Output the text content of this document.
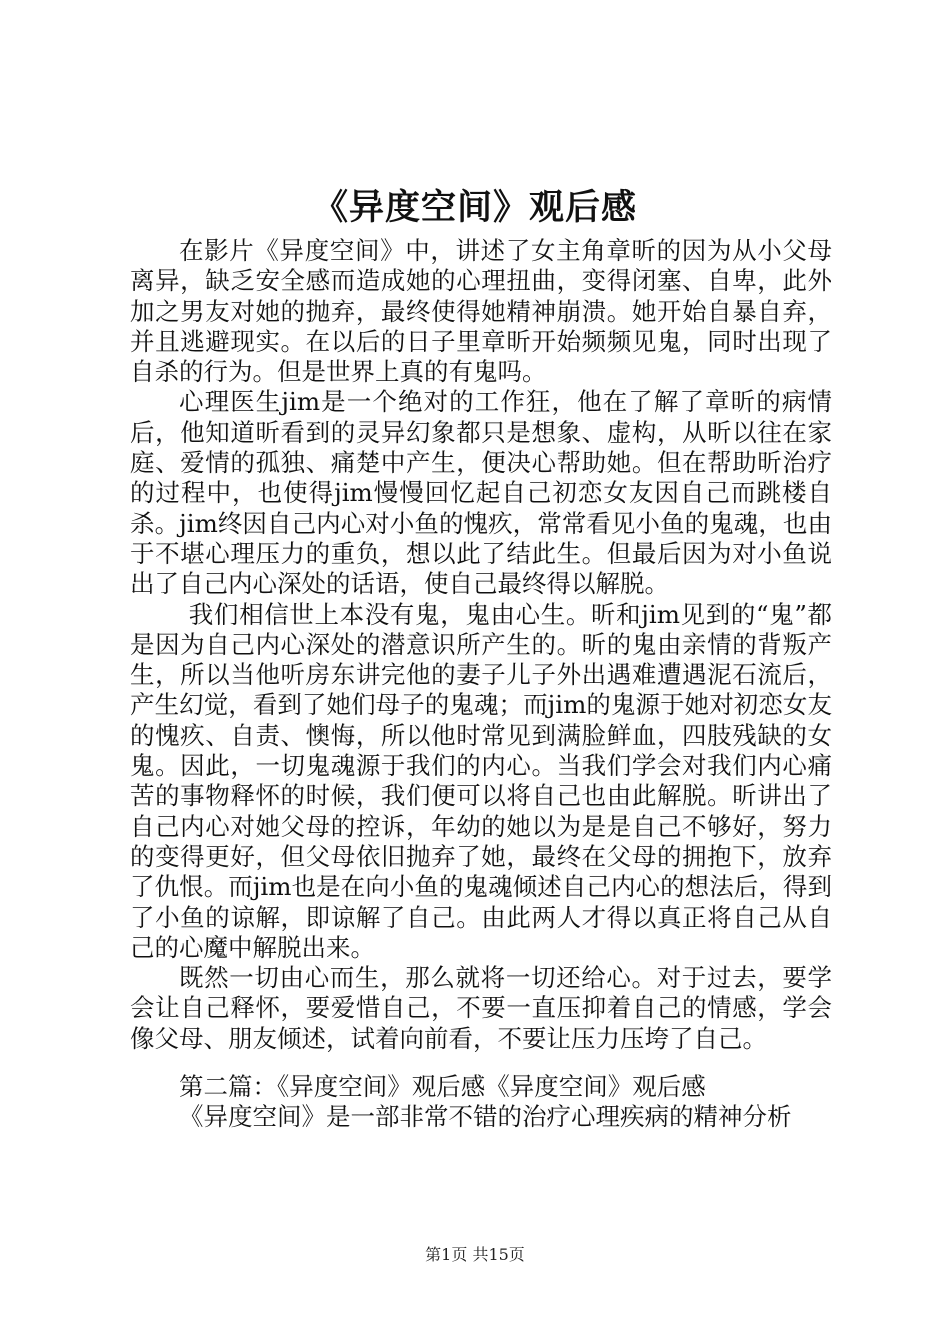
《异度空间》观后感

在影片《异度空间》中，讲述了女主角章昕的因为从小父母离异，缺乏安全感而造成她的心理扭曲，变得闭塞、自卑，此外加之男友对她的抛弃，最终使得她精神崩溃。她开始自暴自弃，并且逃避现实。在以后的日子里章昕开始频频见鬼，同时出现了自杀的行为。但是世界上真的有鬼吗。

心理医生jim是一个绝对的工作狂，他在了解了章昕的病情后，他知道昕看到的灵异幻象都只是想象、虚构，从昕以往在家庭、爱情的孤独、痛楚中产生，便决心帮助她。但在帮助昕治疗的过程中，也使得jim慢慢回忆起自己初恋女友因自己而跳楼自杀。jim终因自己内心对小鱼的愧疚，常常看见小鱼的鬼魂，也由于不堪心理压力的重负，想以此了结此生。但最后因为对小鱼说出了自己内心深处的话语，使自己最终得以解脱。

我们相信世上本没有鬼，鬼由心生。昕和jim见到的“鬼”都是因为自己内心深处的潜意识所产生的。昕的鬼由亲情的背叛产生，所以当他听房东讲完他的妻子儿子外出遇难遭遇泥石流后，产生幻觉，看到了她们母子的鬼魂；而jim的鬼源于她对初恋女友的愧疚、自责、懊悔，所以他时常见到满脸鲜血，四肢残缺的女鬼。因此，一切鬼魂源于我们的内心。当我们学会对我们内心痛苦的事物释怀的时候，我们便可以将自己也由此解脱。昕讲出了自己内心对她父母的控诉，年幼的她以为是是自己不够好，努力的变得更好，但父母依旧抛弃了她，最终在父母的拥抱下，放弃了仇恨。而jim也是在向小鱼的鬼魂倾述自己内心的想法后，得到了小鱼的谅解，即谅解了自己。由此两人才得以真正将自己从自己的心魔中解脱出来。

既然一切由心而生，那么就将一切还给心。对于过去，要学会让自己释怀，要爱惜自己，不要一直压抑着自己的情感，学会像父母、朋友倾述，试着向前看，不要让压力压垮了自己。

第二篇：《异度空间》观后感《异度空间》观后感

《异度空间》是一部非常不错的治疗心理疾病的精神分析

第1页 共15页
